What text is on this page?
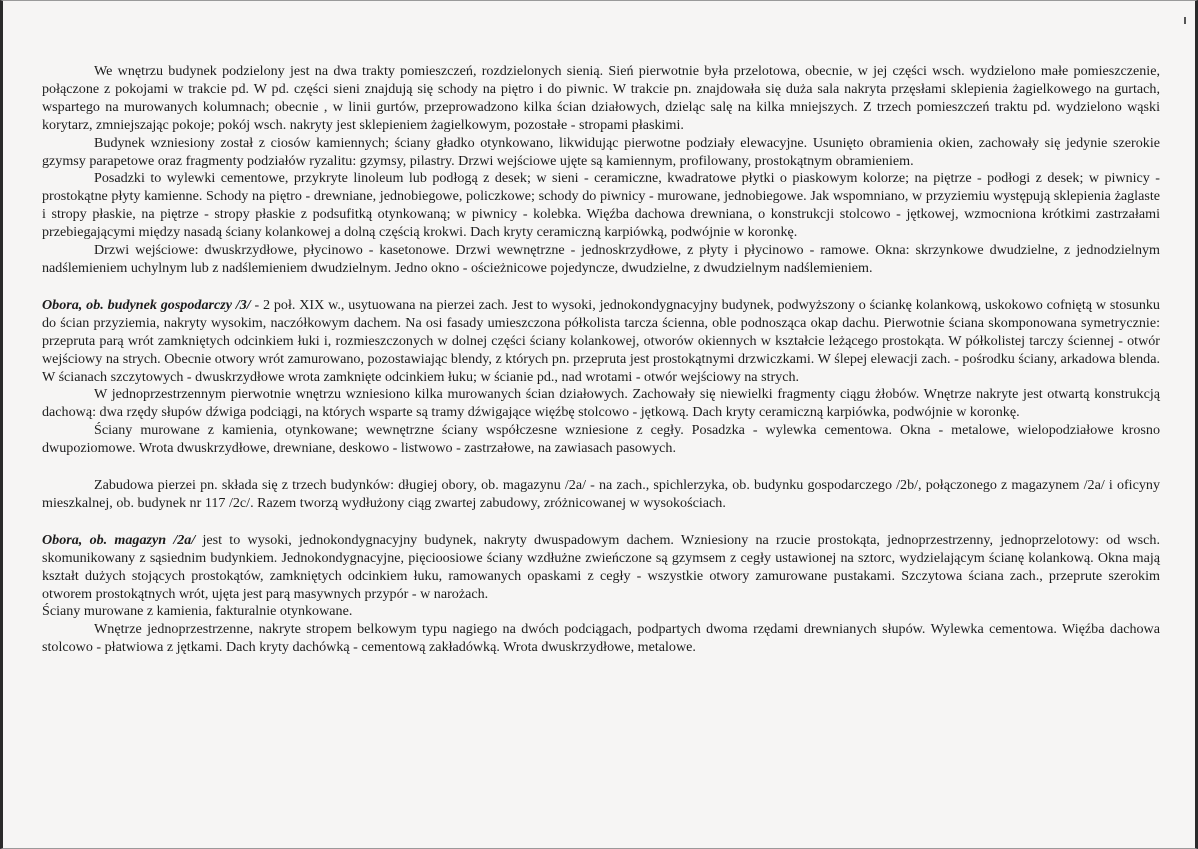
We wnętrzu budynek podzielony jest na dwa trakty pomieszczeń, rozdzielonych sienią. Sień pierwotnie była przelotowa, obecnie, w jej części wsch. wydzielono małe pomieszczenie, połączone z pokojami w trakcie pd. W pd. części sieni znajdują się schody na piętro i do piwnic. W trakcie pn. znajdowała się duża sala nakryta przęsłami sklepienia żagielkowego na gurtach, wspartego na murowanych kolumnach; obecnie , w linii gurtów, przeprowadzono kilka ścian działowych, dzieląc salę na kilka mniejszych. Z trzech pomieszczeń traktu pd. wydzielono wąski korytarz, zmniejszając pokoje; pokój wsch. nakryty jest sklepieniem żagielkowym, pozostałe - stropami płaskimi.

Budynek wzniesiony został z ciosów kamiennych; ściany gładko otynkowano, likwidując pierwotne podziały elewacyjne. Usunięto obramienia okien, zachowały się jedynie szerokie gzymsy parapetowe oraz fragmenty podziałów ryzalitu: gzymsy, pilastry. Drzwi wejściowe ujęte są kamiennym, profilowany, prostokątnym obramieniem.

Posadzki to wylewki cementowe, przykryte linoleum lub podłogą z desek; w sieni - ceramiczne, kwadratowe płytki o piaskowym kolorze; na piętrze - podłogi z desek; w piwnicy - prostokątne płyty kamienne. Schody na piętro - drewniane, jednobiegowe, policzkowe; schody do piwnicy - murowane, jednobiegowe. Jak wspomniano, w przyziemiu występują sklepienia żaglaste i stropy płaskie, na piętrze - stropy płaskie z podsufitką otynkowaną; w piwnicy - kolebka. Więźba dachowa drewniana, o konstrukcji stolcowo - jętkowej, wzmocniona krótkimi zastrzałami przebiegającymi między nasadą ściany kolankowej a dolną częścią krokwi. Dach kryty ceramiczną karpiówką, podwójnie w koronkę.

Drzwi wejściowe: dwuskrzydłowe, płycinowo - kasetonowe. Drzwi wewnętrzne - jednoskrzydłowe, z płyty i płycinowo - ramowe. Okna: skrzynkowe dwudzielne, z jednodzielnym nadślemieniem uchylnym lub z nadślemieniem dwudzielnym. Jedno okno - ościeżnicowe pojedyncze, dwudzielne, z dwudzielnym nadślemieniem.

Obora, ob. budynek gospodarczy /3/ - 2 poł. XIX w., usytuowana na pierzei zach. Jest to wysoki, jednokondygnacyjny budynek, podwyższony o ściankę kolankową, uskokowo cofniętą w stosunku do ścian przyziemia, nakryty wysokim, naczółkowym dachem. Na osi fasady umieszczona półkolista tarcza ścienna, oble podnosząca okap dachu. Pierwotnie ściana skomponowana symetrycznie: przepruta parą wrót zamkniętych odcinkiem łuki i, rozmieszczonych w dolnej części ściany kolankowej, otworów okiennych w kształcie leżącego prostokąta. W półkolistej tarczy ściennej - otwór wejściowy na strych. Obecnie otwory wrót zamurowano, pozostawiając blendy, z których pn. przepruta jest prostokątnymi drzwiczkami. W ślepej elewacji zach. - pośrodku ściany, arkadowa blenda. W ścianach szczytowych - dwuskrzydłowe wrota zamknięte odcinkiem łuku; w ścianie pd., nad wrotami - otwór wejściowy na strych.

W jednoprzestrzennym pierwotnie wnętrzu wzniesiono kilka murowanych ścian działowych. Zachowały się niewielki fragmenty ciągu żłobów. Wnętrze nakryte jest otwartą konstrukcją dachową: dwa rzędy słupów dźwiga podciągi, na których wsparte są tramy dźwigające więźbę stolcowo - jętkową. Dach kryty ceramiczną karpiówka, podwójnie w koronkę.

Ściany murowane z kamienia, otynkowane; wewnętrzne ściany współczesne wzniesione z cegły. Posadzka - wylewka cementowa. Okna - metalowe, wielopodziałowe krosno dwupoziomowe. Wrota dwuskrzydłowe, drewniane, deskowo - listwowo - zastrzałowe, na zawiasach pasowych.

Zabudowa pierzei pn. składa się z trzech budynków: długiej obory, ob. magazynu /2a/ - na zach., spichlerzyka, ob. budynku gospodarczego /2b/, połączonego z magazynem /2a/ i oficyny mieszkalnej, ob. budynek nr 117 /2c/. Razem tworzą wydłużony ciąg zwartej zabudowy, zróżnicowanej w wysokościach.

Obora, ob. magazyn /2a/ jest to wysoki, jednokondygnacyjny budynek, nakryty dwuspadowym dachem. Wzniesiony na rzucie prostokąta, jednoprzestrzenny, jednoprzelotowy: od wsch. skomunikowany z sąsiednim budynkiem. Jednokondygnacyjne, pięcioosiowe ściany wzdłużne zwieńczone są gzymsem z cegły ustawionej na sztorc, wydzielającym ścianę kolankową. Okna mają kształt dużych stojących prostokątów, zamkniętych odcinkiem łuku, ramowanych opaskami z cegły - wszystkie otwory zamurowane pustakami. Szczytowa ściana zach., przeprute szerokim otworem prostokątnych wrót, ujęta jest parą masywnych przypór - w narożach.

Ściany murowane z kamienia, fakturalnie otynkowane.

Wnętrze jednoprzestrzenne, nakryte stropem belkowym typu nagiego na dwóch podciągach, podpartych dwoma rzędami drewnianych słupów. Wylewka cementowa. Więźba dachowa stolcowo - płatwiowa z jętkami. Dach kryty dachówką - cementową zakładówką. Wrota dwuskrzydłowe, metalowe.
